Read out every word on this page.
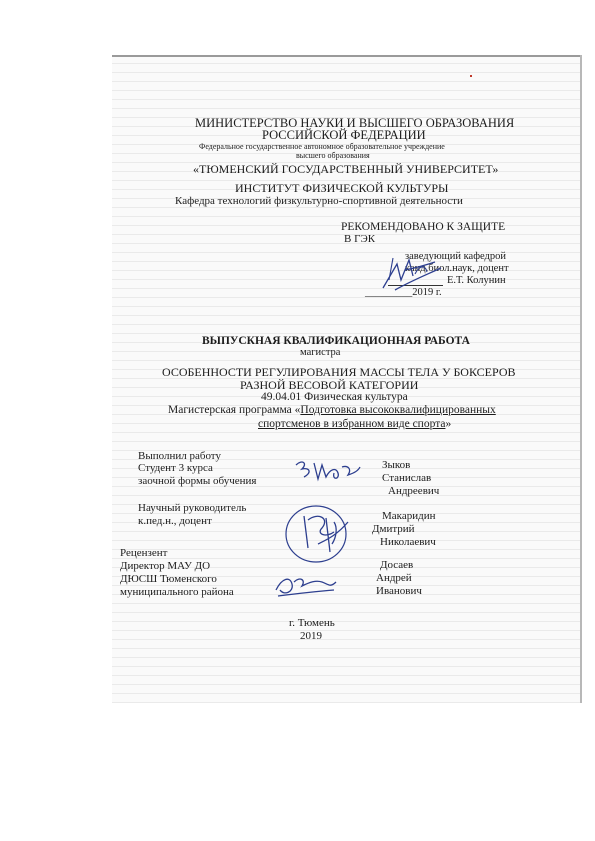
МИНИСТЕРСТВО НАУКИ И ВЫСШЕГО ОБРАЗОВАНИЯ
РОССИЙСКОЙ ФЕДЕРАЦИИ
Федеральное государственное автономное образовательное учреждение
высшего образования
«ТЮМЕНСКИЙ ГОСУДАРСТВЕННЫЙ УНИВЕРСИТЕТ»
ИНСТИТУТ ФИЗИЧЕСКОЙ КУЛЬТУРЫ
Кафедра технологий физкультурно-спортивной деятельности
РЕКОМЕНДОВАНО К ЗАЩИТЕ
В ГЭК
заведующий кафедрой
канд.биол.наук, доцент
Е.Т. Колунин
_________2019 г.
ВЫПУСКНАЯ КВАЛИФИКАЦИОННАЯ РАБОТА
магистра
ОСОБЕННОСТИ РЕГУЛИРОВАНИЯ МАССЫ ТЕЛА У БОКСЕРОВ
РАЗНОЙ ВЕСОВОЙ КАТЕГОРИИ
49.04.01 Физическая культура
Магистерская программа «Подготовка высококвалифицированных
спортсменов в избранном виде спорта»
Выполнил работу
Студент 3 курса
заочной формы обучения
Зыков
Станислав
Андреевич
Научный руководитель
к.пед.н., доцент	Макаридин
Дмитрий
Николаевич
Рецензент
Директор МАУ ДО
ДЮСШ Тюменского
муниципального района
Досаев
Андрей
Иванович
г. Тюмень
2019
